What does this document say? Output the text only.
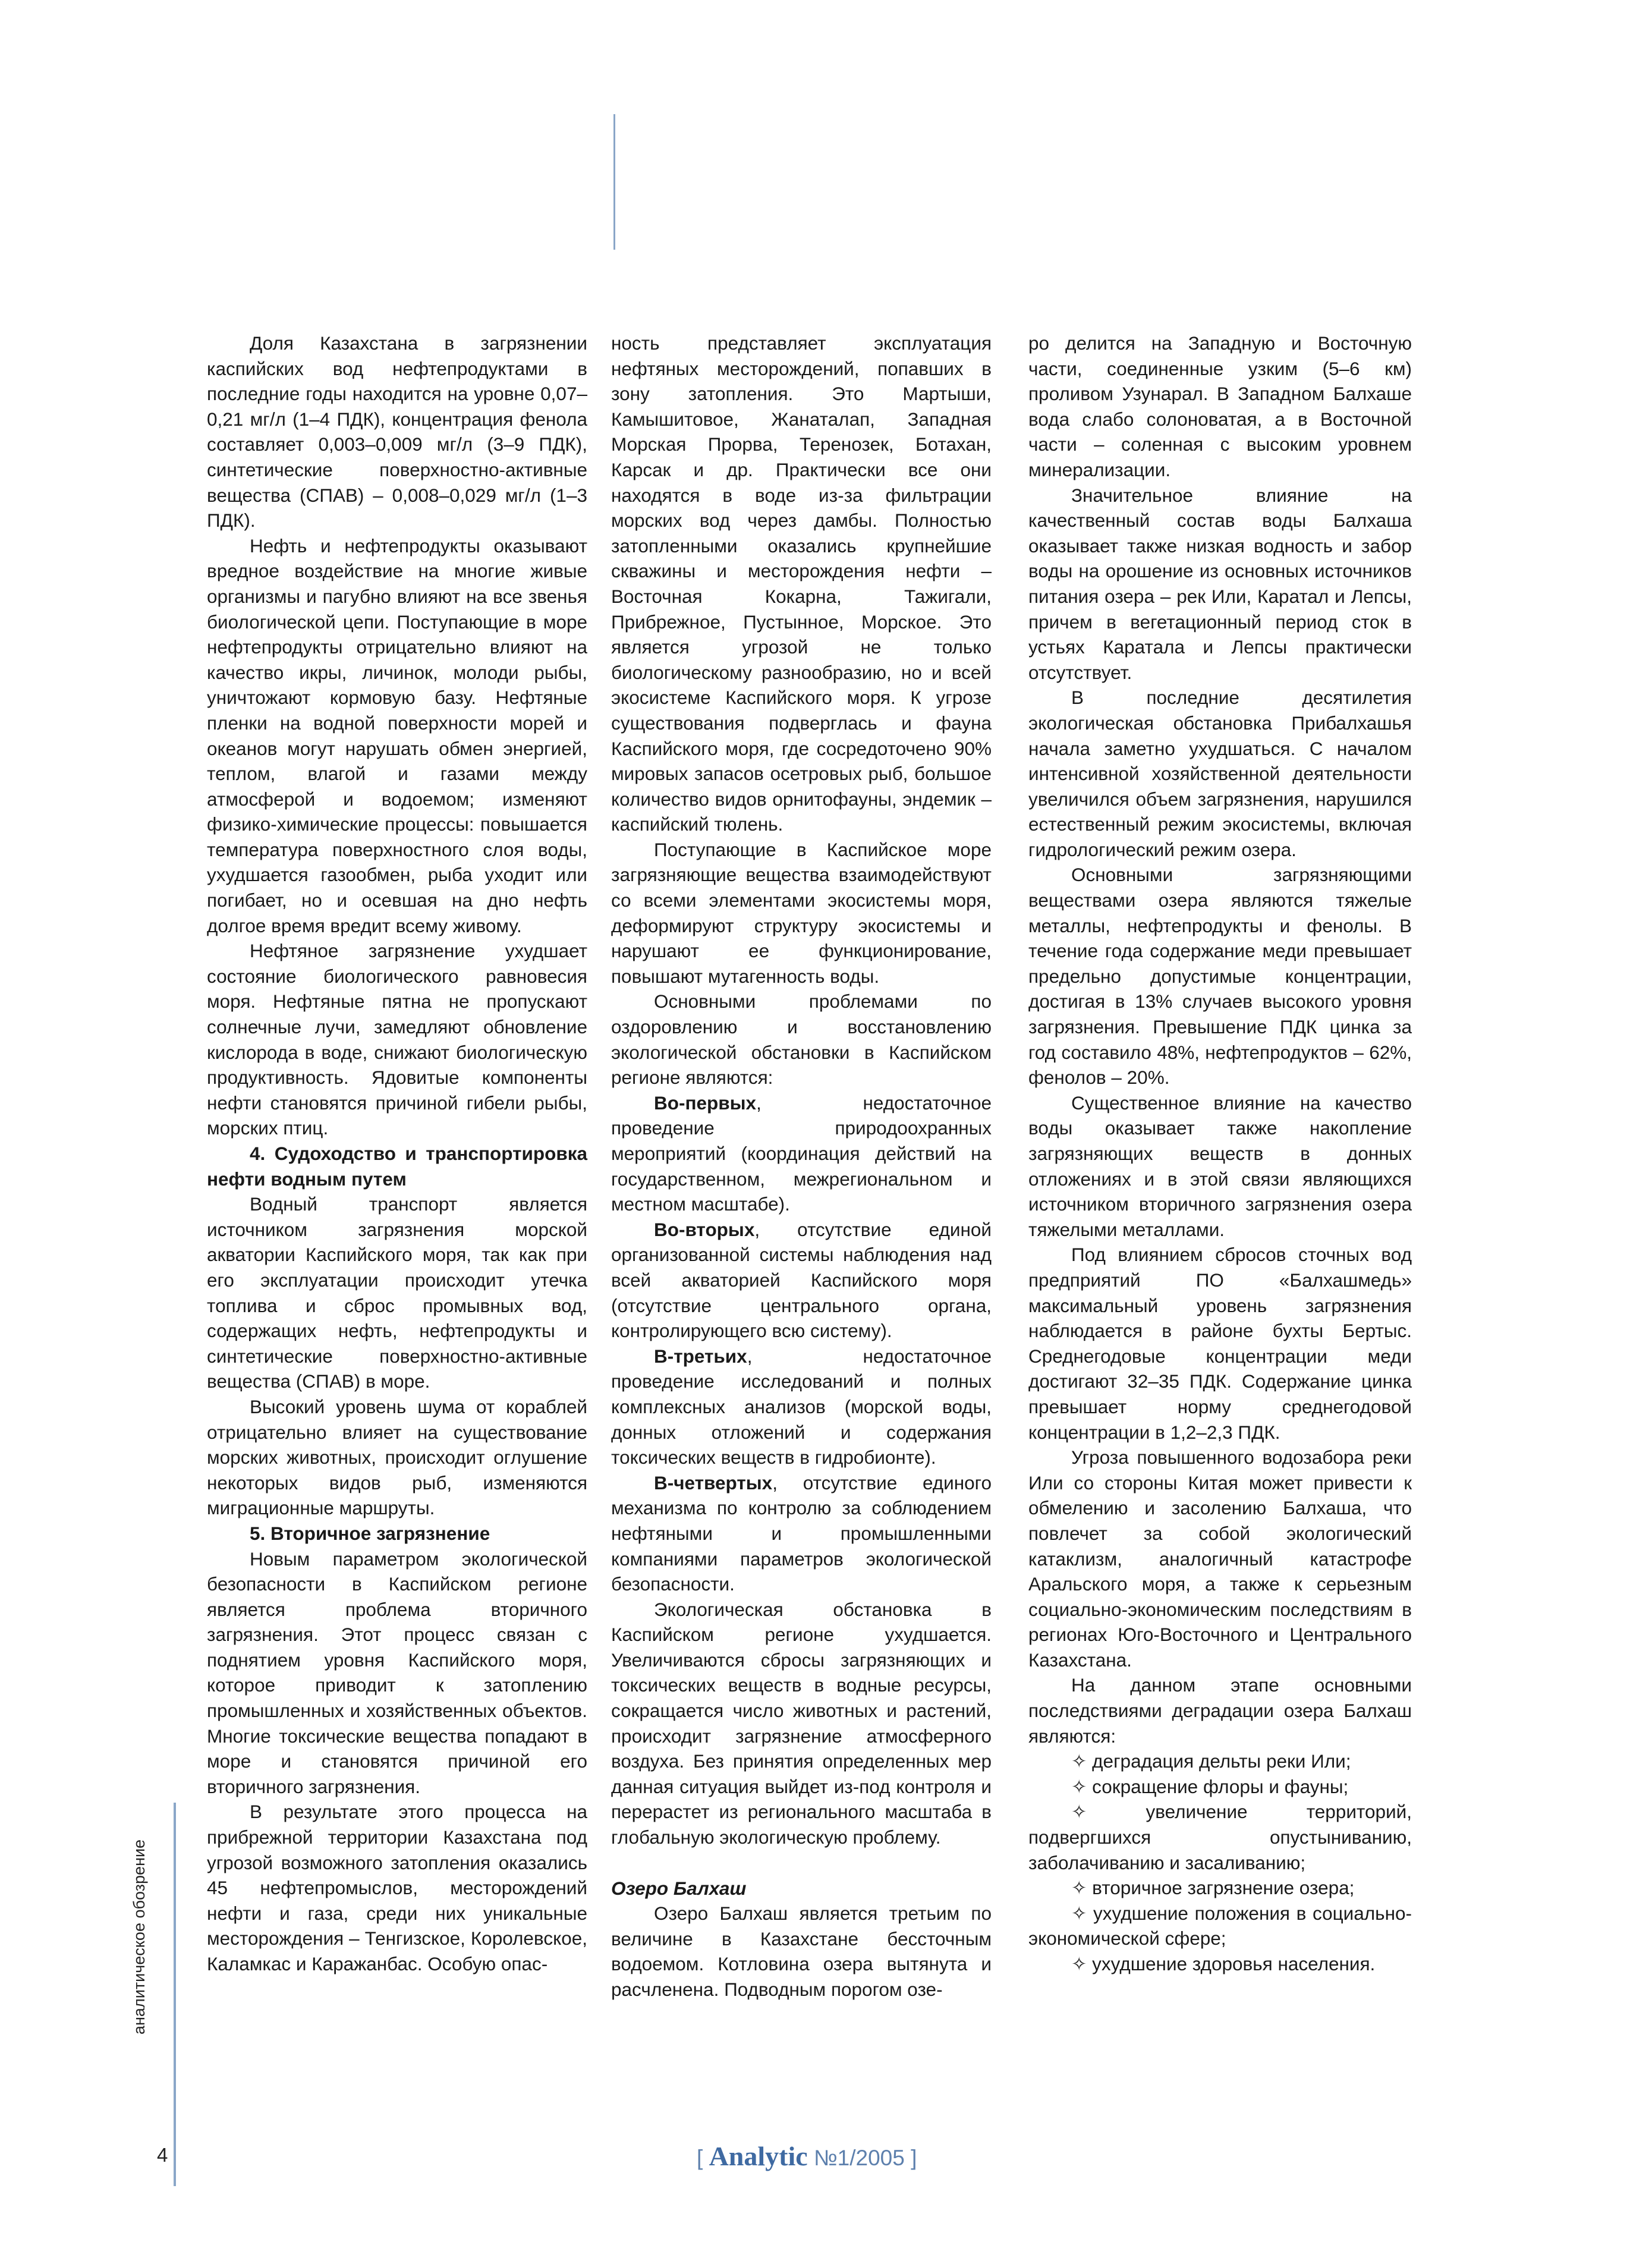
Доля Казахстана в загрязнении каспийских вод нефтепродуктами в последние годы находится на уровне 0,07–0,21 мг/л (1–4 ПДК), концентрация фенола составляет 0,003–0,009 мг/л (3–9 ПДК), синтетические поверхностно-активные вещества (СПАВ) – 0,008–0,029 мг/л (1–3 ПДК).

Нефть и нефтепродукты оказывают вредное воздействие на многие живые организмы и пагубно влияют на все звенья биологической цепи. Поступающие в море нефтепродукты отрицательно влияют на качество икры, личинок, молоди рыбы, уничтожают кормовую базу. Нефтяные пленки на водной поверхности морей и океанов могут нарушать обмен энергией, теплом, влагой и газами между атмосферой и водоемом; изменяют физико-химические процессы: повышается температура поверхностного слоя воды, ухудшается газообмен, рыба уходит или погибает, но и осевшая на дно нефть долгое время вредит всему живому.

Нефтяное загрязнение ухудшает состояние биологического равновесия моря. Нефтяные пятна не пропускают солнечные лучи, замедляют обновление кислорода в воде, снижают биологическую продуктивность. Ядовитые компоненты нефти становятся причиной гибели рыбы, морских птиц.

4. Судоходство и транспортировка нефти водным путем

Водный транспорт является источником загрязнения морской акватории Каспийского моря, так как при его эксплуатации происходит утечка топлива и сброс промывных вод, содержащих нефть, нефтепродукты и синтетические поверхностно-активные вещества (СПАВ) в море.

Высокий уровень шума от кораблей отрицательно влияет на существование морских животных, происходит оглушение некоторых видов рыб, изменяются миграционные маршруты.

5. Вторичное загрязнение

Новым параметром экологической безопасности в Каспийском регионе является проблема вторичного загрязнения. Этот процесс связан с поднятием уровня Каспийского моря, которое приводит к затоплению промышленных и хозяйственных объектов. Многие токсические вещества попадают в море и становятся причиной его вторичного загрязнения.

В результате этого процесса на прибрежной территории Казахстана под угрозой возможного затопления оказались 45 нефтепромыслов, месторождений нефти и газа, среди них уникальные месторождения – Тенгизское, Королевское, Каламкас и Каражанбас. Особую опас-

ность представляет эксплуатация нефтяных месторождений, попавших в зону затопления. Это Мартыши, Камышитовое, Жанаталап, Западная Морская Прорва, Теренозек, Ботахан, Карсак и др. Практически все они находятся в воде из-за фильтрации морских вод через дамбы. Полностью затопленными оказались крупнейшие скважины и месторождения нефти – Восточная Кокарна, Тажигали, Прибрежное, Пустынное, Морское. Это является угрозой не только биологическому разнообразию, но и всей экосистеме Каспийского моря. К угрозе существования подверглась и фауна Каспийского моря, где сосредоточено 90% мировых запасов осетровых рыб, большое количество видов орнитофауны, эндемик – каспийский тюлень.

Поступающие в Каспийское море загрязняющие вещества взаимодействуют со всеми элементами экосистемы моря, деформируют структуру экосистемы и нарушают ее функционирование, повышают мутагенность воды.

Основными проблемами по оздоровлению и восстановлению экологической обстановки в Каспийском регионе являются:

Во-первых, недостаточное проведение природоохранных мероприятий (координация действий на государственном, межрегиональном и местном масштабе).

Во-вторых, отсутствие единой организованной системы наблюдения над всей акваторией Каспийского моря (отсутствие центрального органа, контролирующего всю систему).

В-третьих, недостаточное проведение исследований и полных комплексных анализов (морской воды, донных отложений и содержания токсических веществ в гидробионте).

В-четвертых, отсутствие единого механизма по контролю за соблюдением нефтяными и промышленными компаниями параметров экологической безопасности.

Экологическая обстановка в Каспийском регионе ухудшается. Увеличиваются сбросы загрязняющих и токсических веществ в водные ресурсы, сокращается число животных и растений, происходит загрязнение атмосферного воздуха. Без принятия определенных мер данная ситуация выйдет из-под контроля и перерастет из регионального масштаба в глобальную экологическую проблему.

Озеро Балхаш

Озеро Балхаш является третьим по величине в Казахстане бессточным водоемом. Котловина озера вытянута и расчленена. Подводным порогом озе-

ро делится на Западную и Восточную части, соединенные узким (5–6 км) проливом Узунарал. В Западном Балхаше вода слабо солоноватая, а в Восточной части – соленная с высоким уровнем минерализации.

Значительное влияние на качественный состав воды Балхаша оказывает также низкая водность и забор воды на орошение из основных источников питания озера – рек Или, Каратал и Лепсы, причем в вегетационный период сток в устьях Каратала и Лепсы практически отсутствует.

В последние десятилетия экологическая обстановка Прибалхашья начала заметно ухудшаться. С началом интенсивной хозяйственной деятельности увеличился объем загрязнения, нарушился естественный режим экосистемы, включая гидрологический режим озера.

Основными загрязняющими веществами озера являются тяжелые металлы, нефтепродукты и фенолы. В течение года содержание меди превышает предельно допустимые концентрации, достигая в 13% случаев высокого уровня загрязнения. Превышение ПДК цинка за год составило 48%, нефтепродуктов – 62%, фенолов – 20%.

Существенное влияние на качество воды оказывает также накопление загрязняющих веществ в донных отложениях и в этой связи являющихся источником вторичного загрязнения озера тяжелыми металлами.

Под влиянием сбросов сточных вод предприятий ПО «Балхашмедь» максимальный уровень загрязнения наблюдается в районе бухты Бертыс. Среднегодовые концентрации меди достигают 32–35 ПДК. Содержание цинка превышает норму среднегодовой концентрации в 1,2–2,3 ПДК.

Угроза повышенного водозабора реки Или со стороны Китая может привести к обмелению и засолению Балхаша, что повлечет за собой экологический катаклизм, аналогичный катастрофе Аральского моря, а также к серьезным социально-экономическим последствиям в регионах Юго-Восточного и Центрального Казахстана.

На данном этапе основными последствиями деградации озера Балхаш являются:

✧ деградация дельты реки Или;

✧ сокращение флоры и фауны;

✧	увеличение территорий, подвергшихся опустыниванию, заболачиванию и засаливанию;

✧ вторичное загрязнение озера;

✧ ухудшение положения в социально-экономической сфере;

✧ ухудшение здоровья населения.

аналитическое обозрение
4	[ Analytic №1/2005 ]
